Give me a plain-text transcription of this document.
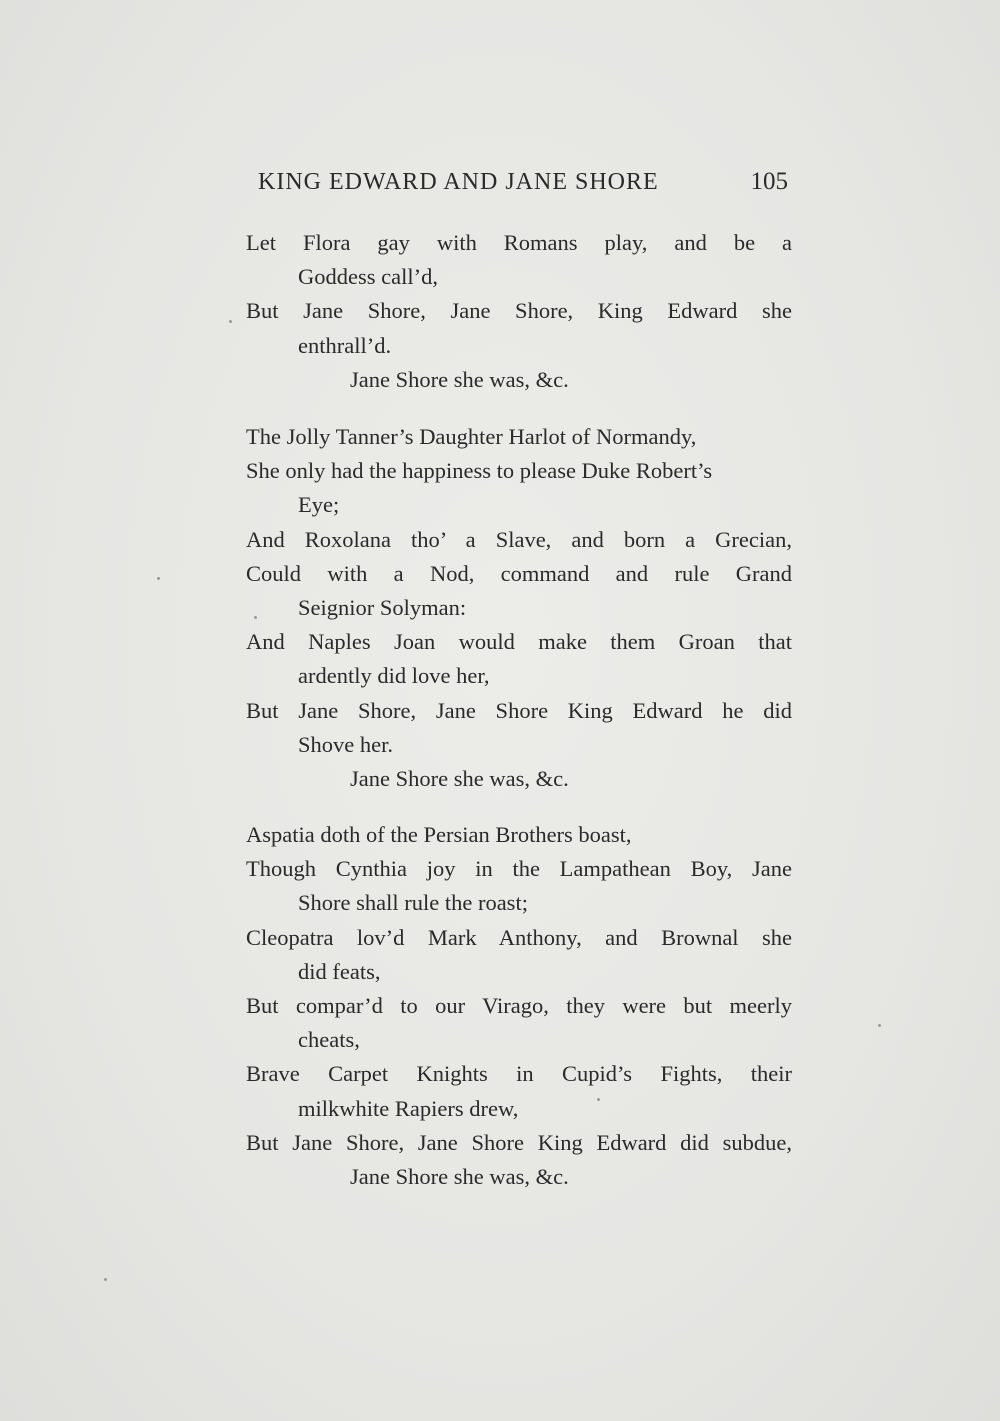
KING EDWARD AND JANE SHORE	105
Let Flora gay with Romans play, and be a
Goddess call’d,
But Jane Shore, Jane Shore, King Edward she
enthrall’d.
Jane Shore she was, &c.
The Jolly Tanner’s Daughter Harlot of Normandy,
She only had the happiness to please Duke Robert’s
Eye;
And Roxolana tho’ a Slave, and born a Grecian,
Could with a Nod, command and rule Grand
Seignior Solyman:
And Naples Joan would make them Groan that
ardently did love her,
But Jane Shore, Jane Shore King Edward he did
Shove her.
Jane Shore she was, &c.
Aspatia doth of the Persian Brothers boast,
Though Cynthia joy in the Lampathean Boy, Jane
Shore shall rule the roast;
Cleopatra lov’d Mark Anthony, and Brownal she
did feats,
But compar’d to our Virago, they were but meerly
cheats,
Brave Carpet Knights in Cupid’s Fights, their
milkwhite Rapiers drew,
But Jane Shore, Jane Shore King Edward did subdue,
Jane Shore she was, &c.
